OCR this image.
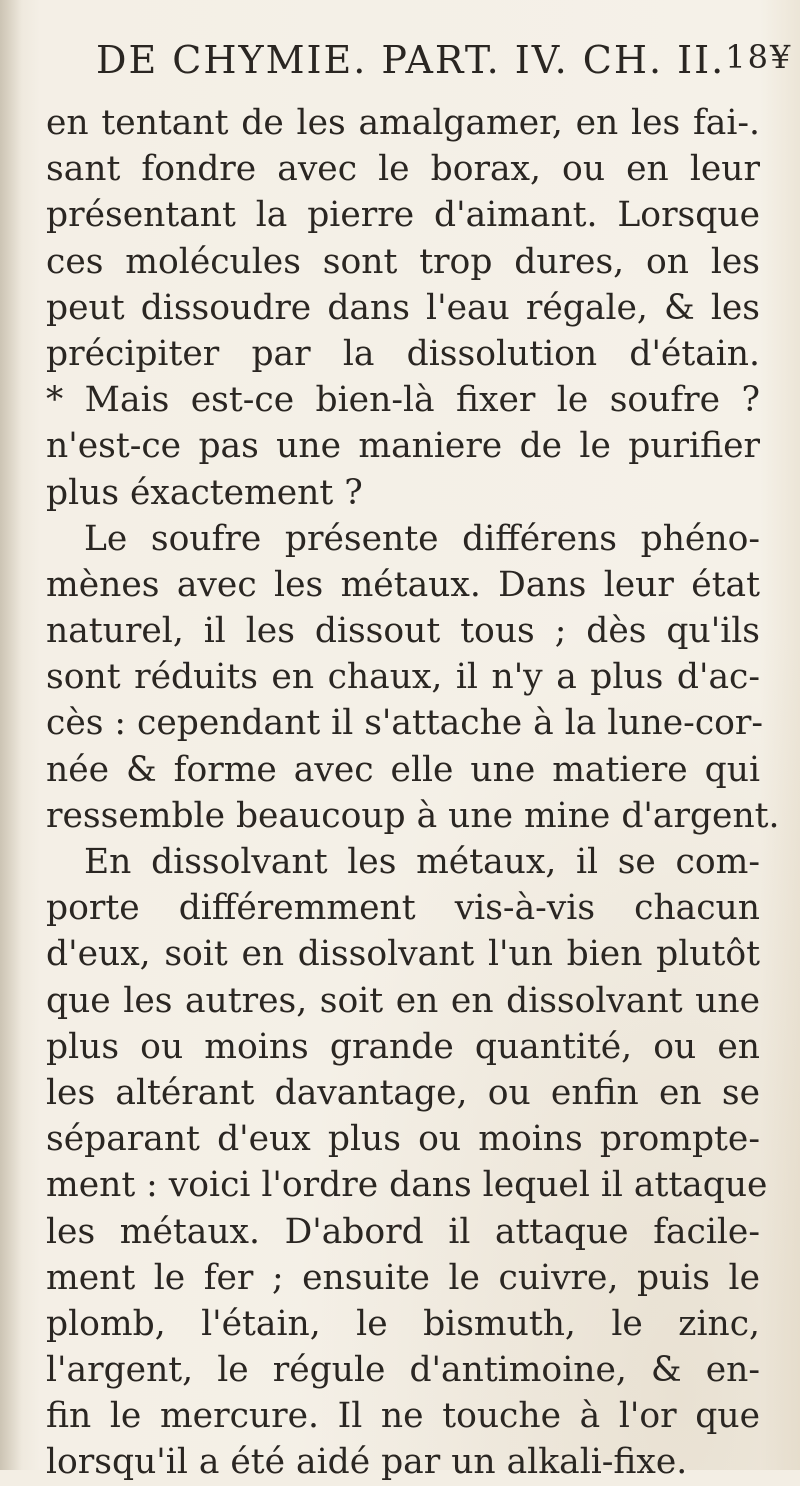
DE CHYMIE. PART. IV. CH. II. 18¥
en tentant de les amalgamer, en les fai-.
sant fondre avec le borax, ou en leur
présentant la pierre d'aimant. Lorsque
ces molécules sont trop dures, on les
peut dissoudre dans l'eau régale, & les
précipiter par la dissolution d'étain.
* Mais est-ce bien-là fixer le soufre ?
n'est-ce pas une maniere de le purifier
plus éxactement ?
Le soufre présente différens phéno-
mènes avec les métaux. Dans leur état
naturel, il les dissout tous ; dès qu'ils
sont réduits en chaux, il n'y a plus d'ac-
cès : cependant il s'attache à la lune-cor-
née & forme avec elle une matiere qui
ressemble beaucoup à une mine d'argent.
En dissolvant les métaux, il se com-
porte différemment vis-à-vis chacun
d'eux, soit en dissolvant l'un bien plutôt
que les autres, soit en en dissolvant une
plus ou moins grande quantité, ou en
les altérant davantage, ou enfin en se
séparant d'eux plus ou moins prompte-
ment : voici l'ordre dans lequel il attaque
les métaux. D'abord il attaque facile-
ment le fer ; ensuite le cuivre, puis le
plomb, l'étain, le bismuth, le zinc,
l'argent, le régule d'antimoine, & en-
fin le mercure. Il ne touche à l'or que
lorsqu'il a été aidé par un alkali-fixe.
